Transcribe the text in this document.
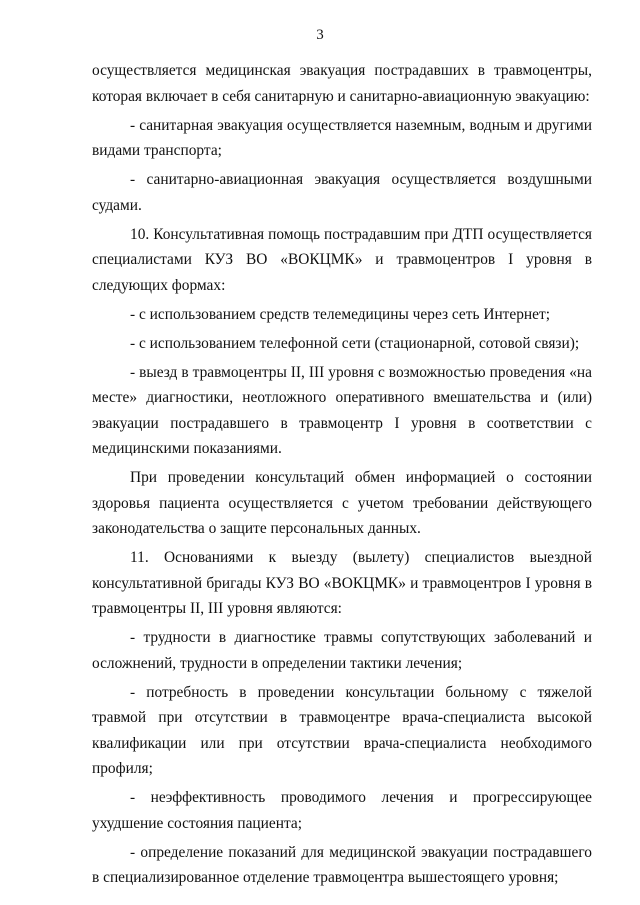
3

осуществляется медицинская эвакуация пострадавших в травмоцентры, которая включает в себя санитарную и санитарно-авиационную эвакуацию:

- санитарная эвакуация осуществляется наземным, водным и другими видами транспорта;

- санитарно-авиационная эвакуация осуществляется воздушными судами.

10. Консультативная помощь пострадавшим при ДТП осуществляется специалистами КУЗ ВО «ВОКЦМК» и травмоцентров I уровня в следующих формах:

- с использованием средств телемедицины через сеть Интернет;

- с использованием телефонной сети (стационарной, сотовой связи);

- выезд в травмоцентры II, III уровня с возможностью проведения «на месте» диагностики, неотложного оперативного вмешательства и (или) эвакуации пострадавшего в травмоцентр I уровня в соответствии с медицинскими показаниями.

При проведении консультаций обмен информацией о состоянии здоровья пациента осуществляется с учетом требовании действующего законодательства о защите персональных данных.

11. Основаниями к выезду (вылету) специалистов выездной консультативной бригады КУЗ ВО «ВОКЦМК» и травмоцентров I уровня в травмоцентры II, III уровня являются:

- трудности в диагностике травмы сопутствующих заболеваний и осложнений, трудности в определении тактики лечения;

- потребность в проведении консультации больному с тяжелой травмой при отсутствии в травмоцентре врача-специалиста высокой квалификации или при отсутствии врача-специалиста необходимого профиля;

- неэффективность проводимого лечения и прогрессирующее ухудшение состояния пациента;

- определение показаний для медицинской эвакуации пострадавшего в специализированное отделение травмоцентра вышестоящего уровня;
